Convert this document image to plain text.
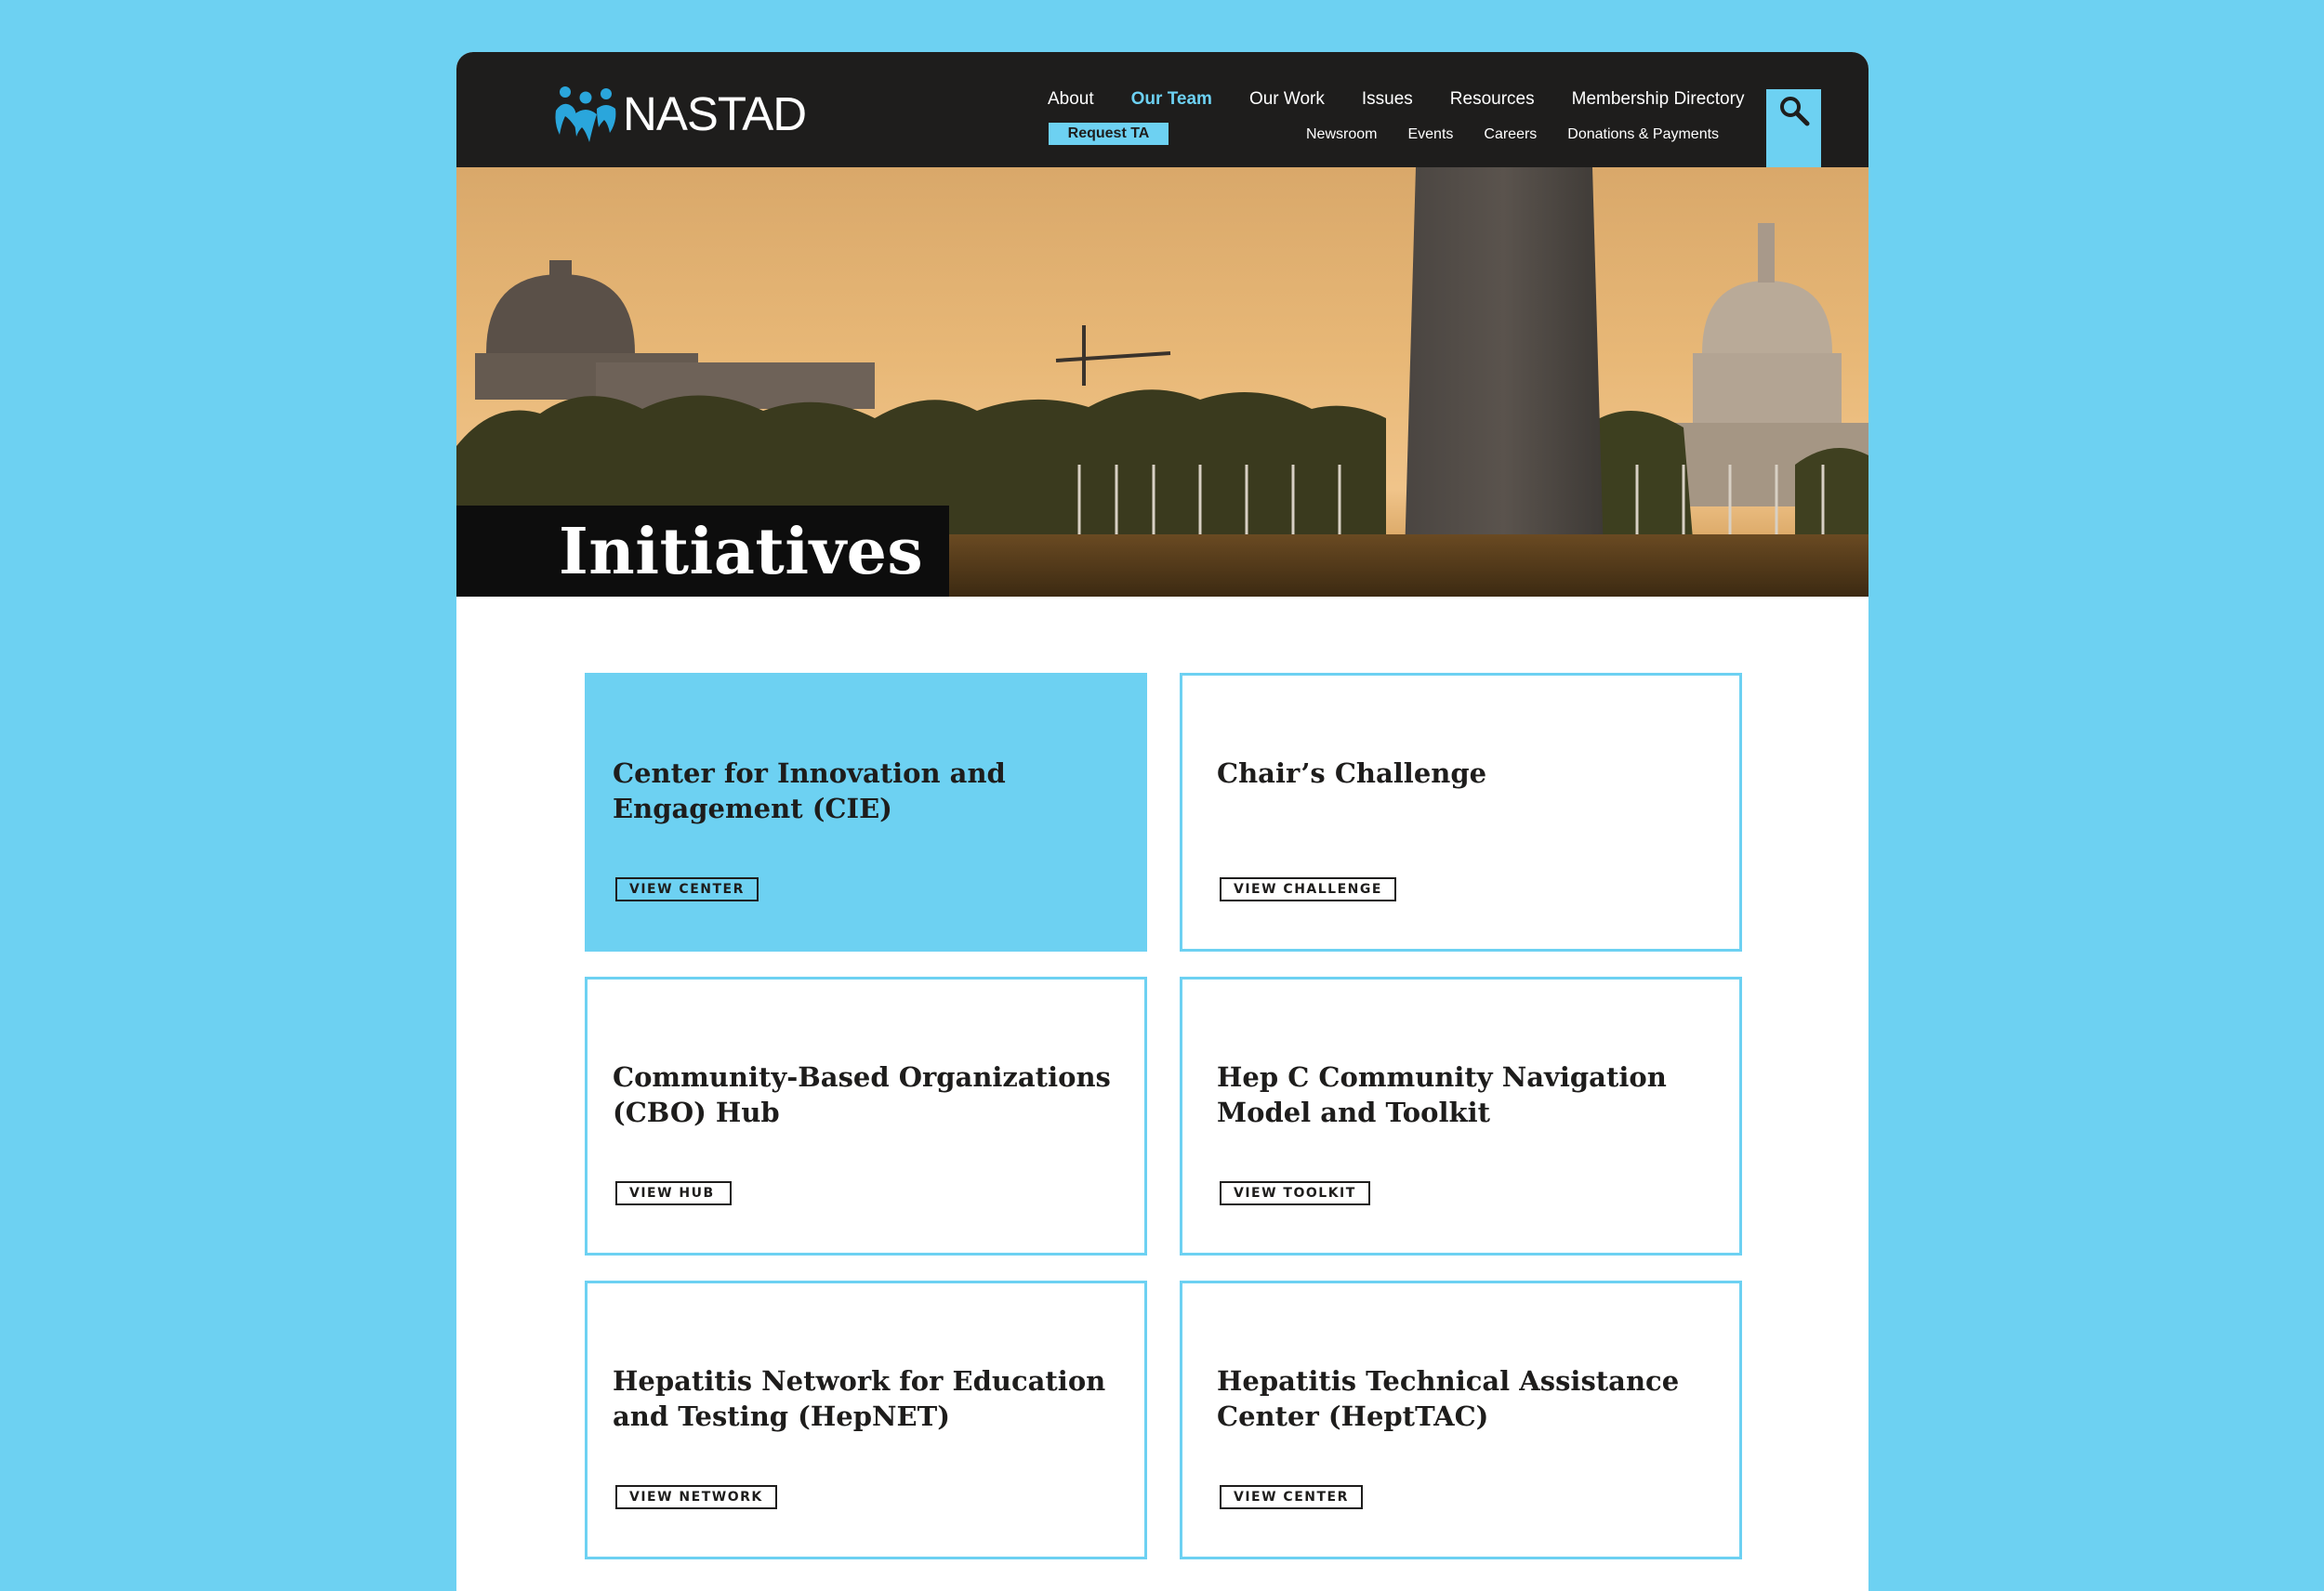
NASTAD	About Our Team Our Work Issues Resources Membership Directory
Request TA	Newsroom Events Careers Donations & Payments
Initiatives
Center for Innovation and Engagement (CIE)
VIEW CENTER
Chair’s Challenge
VIEW CHALLENGE
Community-Based Organizations (CBO) Hub
VIEW HUB
Hep C Community Navigation Model and Toolkit
VIEW TOOLKIT
Hepatitis Network for Education and Testing (HepNET)
VIEW NETWORK
Hepatitis Technical Assistance Center (HeptTAC)
VIEW CENTER
